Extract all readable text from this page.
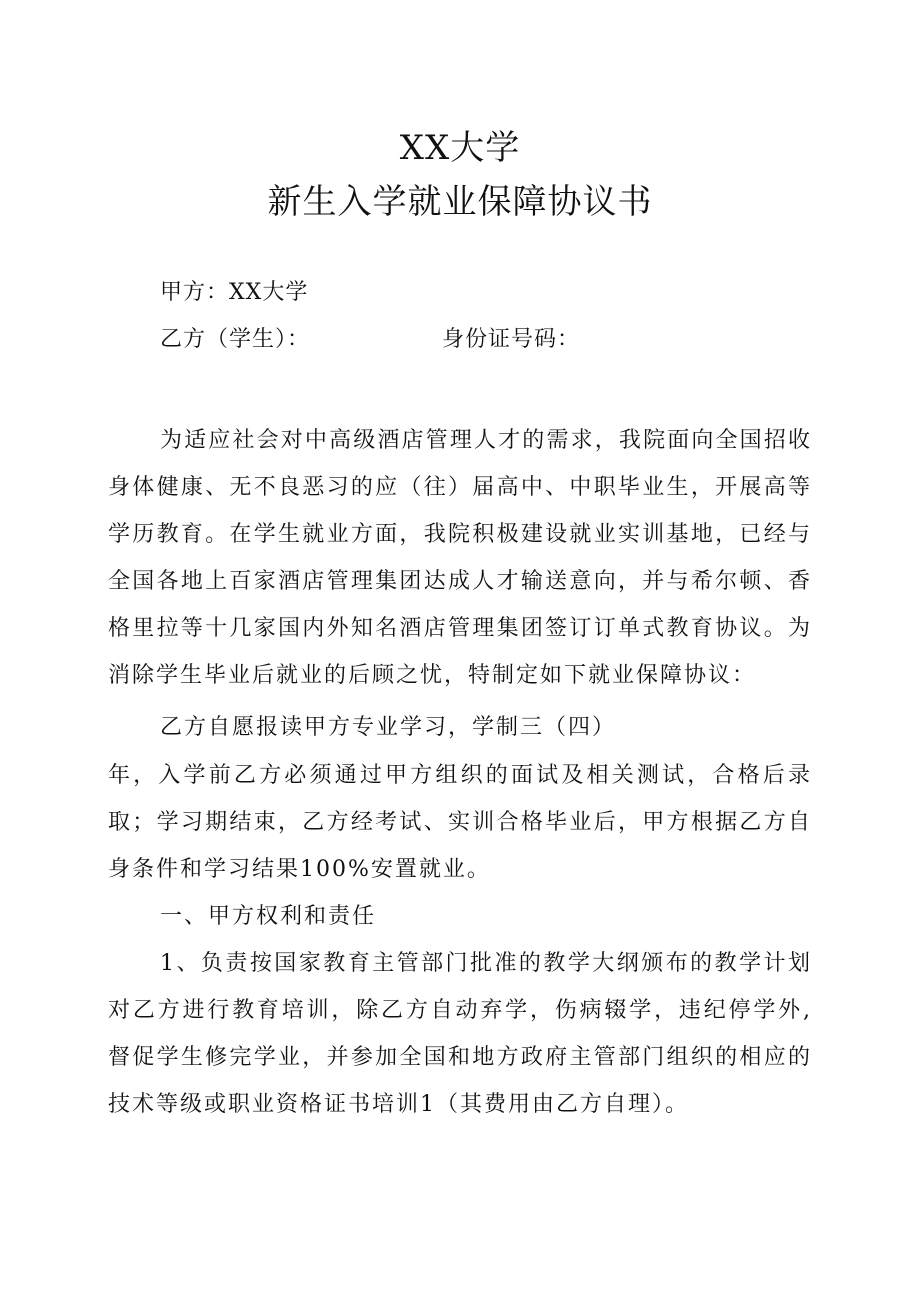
XX大学
新生入学就业保障协议书
甲方：XX大学
乙方（学生）：	身份证号码：

为适应社会对中高级酒店管理人才的需求，我院面向全国招收身体健康、无不良恶习的应（往）届高中、中职毕业生，开展高等学历教育。在学生就业方面，我院积极建设就业实训基地，已经与全国各地上百家酒店管理集团达成人才输送意向，并与希尔顿、香格里拉等十几家国内外知名酒店管理集团签订订单式教育协议。为消除学生毕业后就业的后顾之忧，特制定如下就业保障协议：

乙方自愿报读甲方专业学习，学制三（四）

年，入学前乙方必须通过甲方组织的面试及相关测试，合格后录取；学习期结束，乙方经考试、实训合格毕业后，甲方根据乙方自身条件和学习结果100%安置就业。

一、甲方权利和责任

1、负责按国家教育主管部门批准的教学大纲颁布的教学计划对乙方进行教育培训，除乙方自动弃学，伤病辍学，违纪停学外,督促学生修完学业，并参加全国和地方政府主管部门组织的相应的技术等级或职业资格证书培训1（其费用由乙方自理）。
